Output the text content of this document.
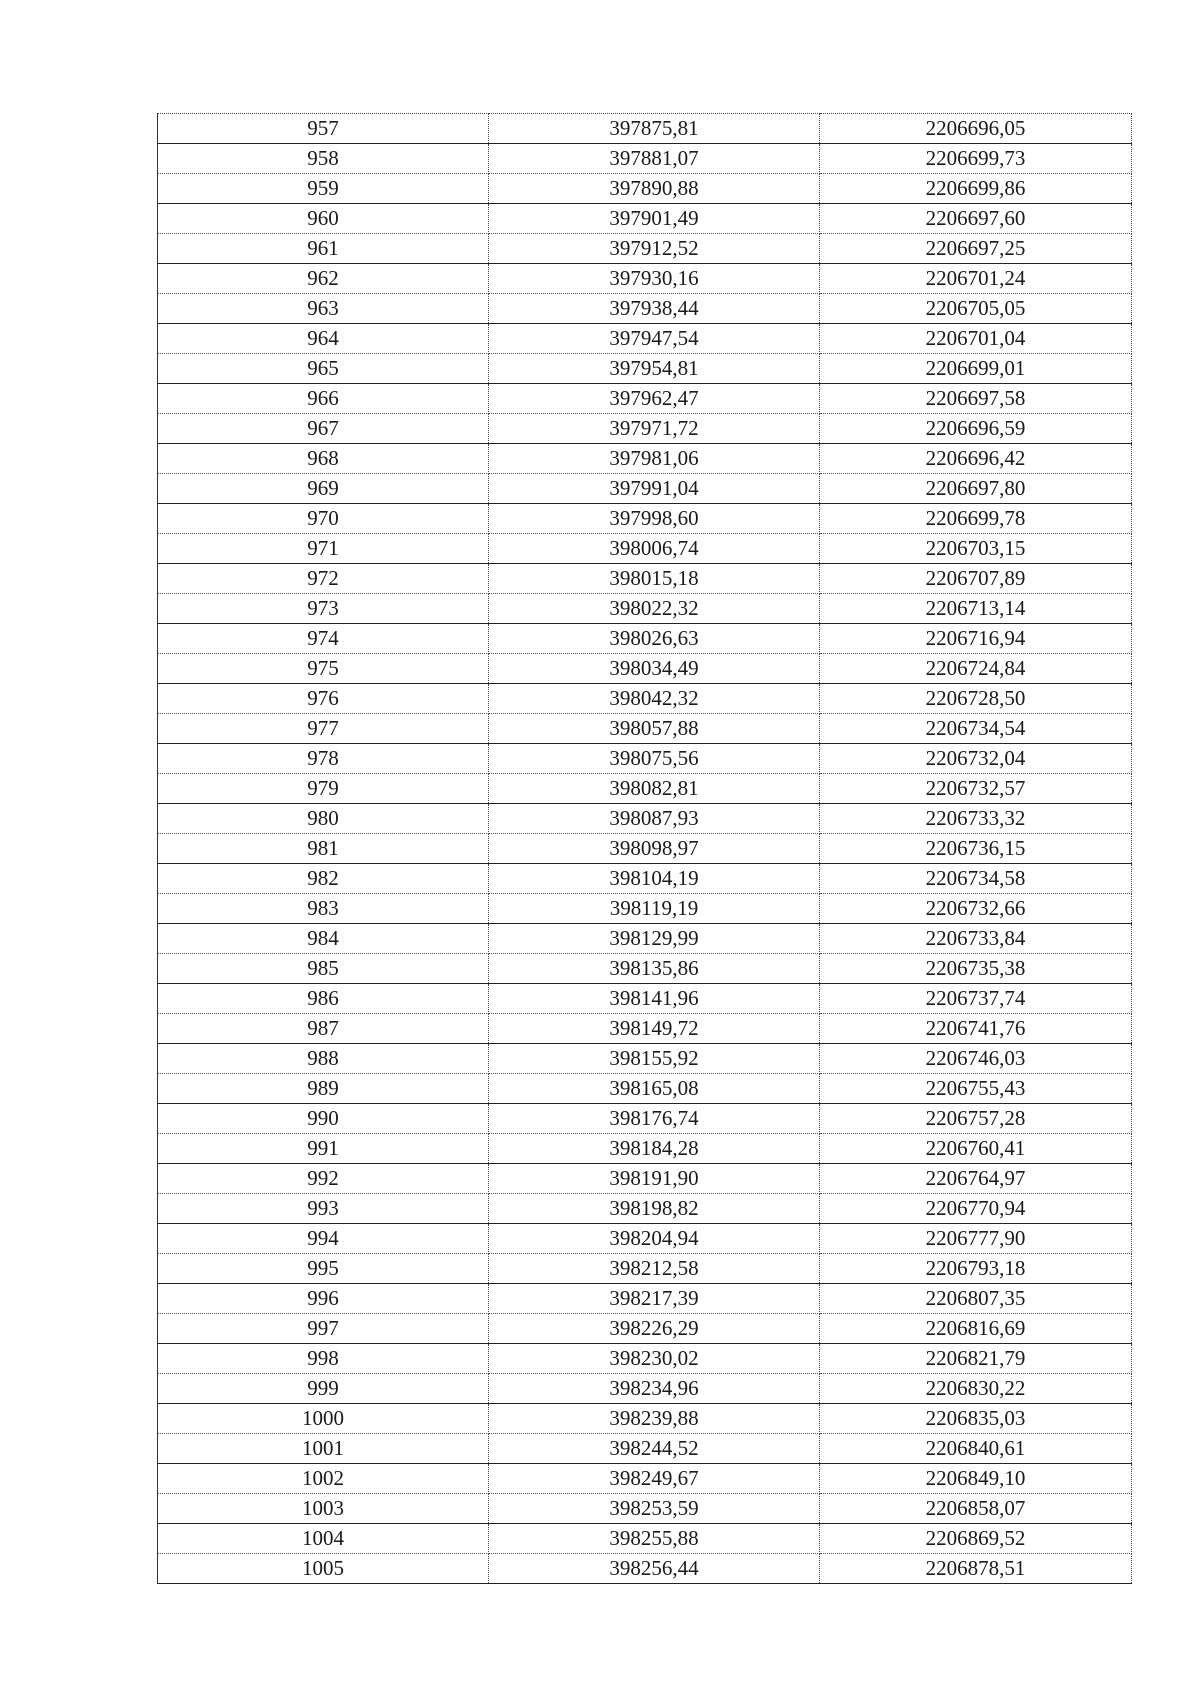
957	397875,81	2206696,05
958	397881,07	2206699,73
959	397890,88	2206699,86
960	397901,49	2206697,60
961	397912,52	2206697,25
962	397930,16	2206701,24
963	397938,44	2206705,05
964	397947,54	2206701,04
965	397954,81	2206699,01
966	397962,47	2206697,58
967	397971,72	2206696,59
968	397981,06	2206696,42
969	397991,04	2206697,80
970	397998,60	2206699,78
971	398006,74	2206703,15
972	398015,18	2206707,89
973	398022,32	2206713,14
974	398026,63	2206716,94
975	398034,49	2206724,84
976	398042,32	2206728,50
977	398057,88	2206734,54
978	398075,56	2206732,04
979	398082,81	2206732,57
980	398087,93	2206733,32
981	398098,97	2206736,15
982	398104,19	2206734,58
983	398119,19	2206732,66
984	398129,99	2206733,84
985	398135,86	2206735,38
986	398141,96	2206737,74
987	398149,72	2206741,76
988	398155,92	2206746,03
989	398165,08	2206755,43
990	398176,74	2206757,28
991	398184,28	2206760,41
992	398191,90	2206764,97
993	398198,82	2206770,94
994	398204,94	2206777,90
995	398212,58	2206793,18
996	398217,39	2206807,35
997	398226,29	2206816,69
998	398230,02	2206821,79
999	398234,96	2206830,22
1000	398239,88	2206835,03
1001	398244,52	2206840,61
1002	398249,67	2206849,10
1003	398253,59	2206858,07
1004	398255,88	2206869,52
1005	398256,44	2206878,51
